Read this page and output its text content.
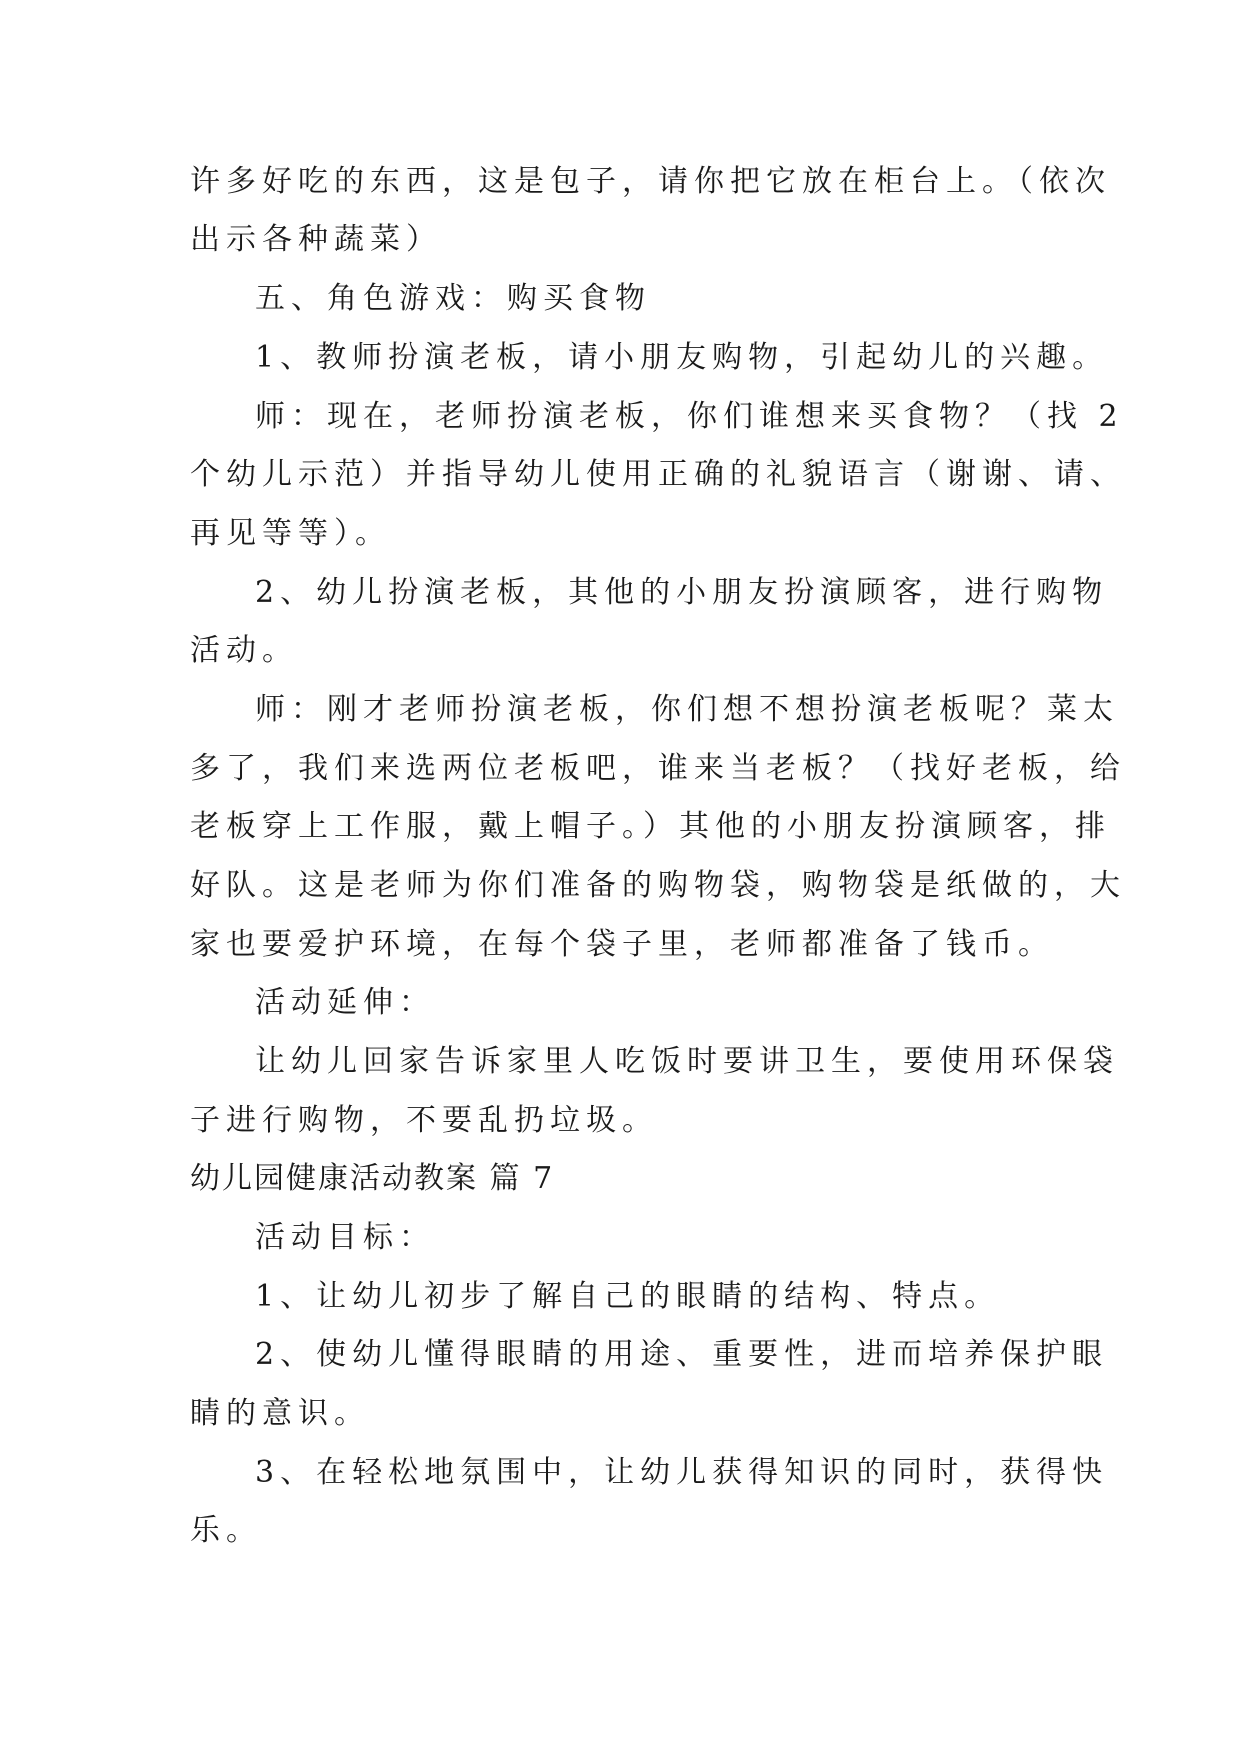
许多好吃的东西，这是包子，请你把它放在柜台上。（依次
出示各种蔬菜）
五、角色游戏：购买食物
1、教师扮演老板，请小朋友购物，引起幼儿的兴趣。
师：现在，老师扮演老板，你们谁想来买食物？（找 2
个幼儿示范）并指导幼儿使用正确的礼貌语言（谢谢、请、
再见等等）。
2、幼儿扮演老板，其他的小朋友扮演顾客，进行购物
活动。
师：刚才老师扮演老板，你们想不想扮演老板呢？菜太
多了，我们来选两位老板吧，谁来当老板？（找好老板，给
老板穿上工作服，戴上帽子。）其他的小朋友扮演顾客，排
好队。这是老师为你们准备的购物袋，购物袋是纸做的，大
家也要爱护环境，在每个袋子里，老师都准备了钱币。
活动延伸：
让幼儿回家告诉家里人吃饭时要讲卫生，要使用环保袋
子进行购物，不要乱扔垃圾。
幼儿园健康活动教案 篇 7
活动目标：
1、让幼儿初步了解自己的眼睛的结构、特点。
2、使幼儿懂得眼睛的用途、重要性，进而培养保护眼
睛的意识。
3、在轻松地氛围中，让幼儿获得知识的同时，获得快
乐。
